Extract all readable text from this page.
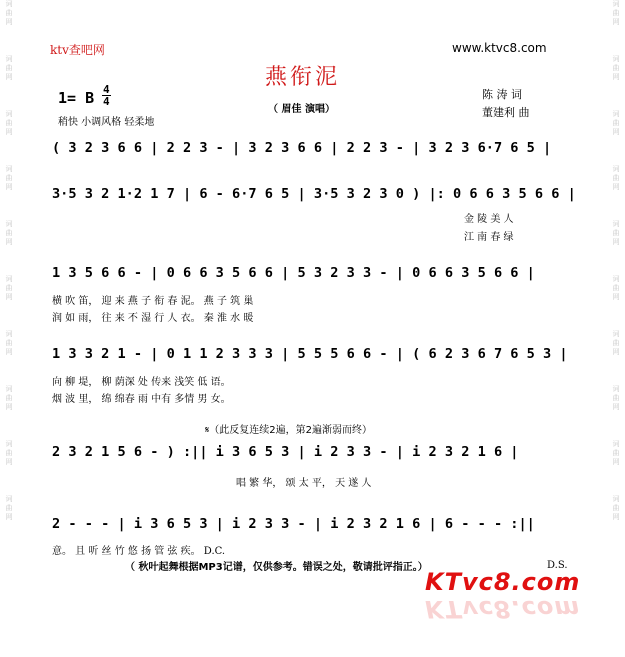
词
曲
网
词
曲
网
词
曲
网
词
曲
网
词
曲
网
词
曲
网
词
曲
网
词
曲
网
词
曲
网
词
曲
网
词
曲
网
词
曲
网
词
曲
网
词
曲
网
词
曲
网
词
曲
网
词
曲
网
词
曲
网
词
曲
网
词
曲
网
ktv查吧网	www.ktvc8.com
燕衔泥
（ 眉佳 演唱）
1= B 4
4
稍快 小调风格 轻柔地
陈 涛 词
董建利 曲
( 3 2 3 6 6 | 2 2 3 - | 3 2 3 6 6 | 2 2 3 - | 3 2 3 6·7 6 5 |
3·5 3 2 1·2 1 7 | 6 - 6·7 6 5 | 3·5 3 2 3 0 ) |: 0 6 6 3 5 6 6 |
金 陵 美 人
江 南 春 绿
1 3 5 6 6 - | 0 6 6 3 5 6 6 | 5 3 2 3 3 - | 0 6 6 3 5 6 6 |
横 吹 笛， 迎 来 燕 子 衔 春 泥。 燕 子 筑 巢
润 如 雨， 往 来 不 湿 行 人 衣。 秦 淮 水 暖
1 3 3 2 1 - | 0 1 1 2 3 3 3 | 5 5 5 6 6 - | ( 6 2 3 6 7 6 5 3 |
向 柳 堤， 柳 荫深 处 传来 浅笑 低 语。
烟 波 里， 绵 绵春 雨 中有 多情 男 女。
𝄋（此反复连续2遍，第2遍渐弱而终）
2 3 2 1 5 6 - ) :|| i 3 6 5 3 | i 2 3 3 - | i 2 3 2 1 6 |
唱 繁 华， 颂 太 平， 天 遂 人
2 - - - | i 3 6 5 3 | i 2 3 3 - | i 2 3 2 1 6 | 6 - - - :||
意。 且 听 丝 竹 悠 扬 管 弦 疾。 D.C.
（ 秋叶起舞根据MP3记谱，仅供参考。错误之处，敬请批评指正。）	D.S.
KTvc8.com
KTvc8.com
